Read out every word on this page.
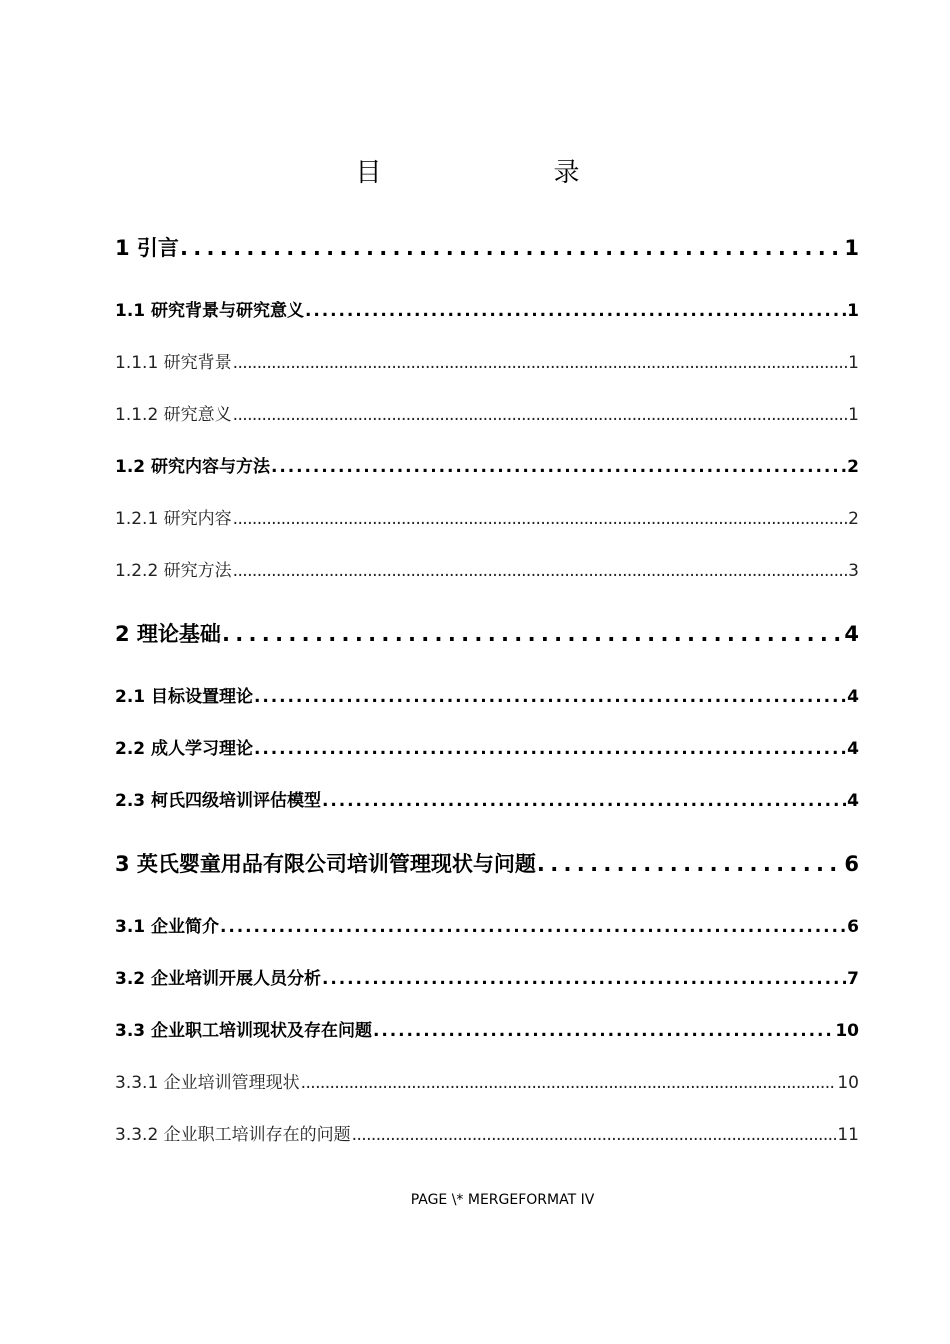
目　　录
1 引言 . . .	1
1.1 研究背景与研究意义 . . .	1
1.1.1 研究背景 . . .	1
1.1.2 研究意义 . . .	1
1.2 研究内容与方法 . . .	2
1.2.1 研究内容 . . .	2
1.2.2 研究方法 . . .	3
2 理论基础 . . .	4
2.1 目标设置理论 . . .	4
2.2 成人学习理论 . . .	4
2.3 柯氏四级培训评估模型 . . .	4
3 英氏婴童用品有限公司培训管理现状与问题 . . .	6
3.1 企业简介 . . .	6
3.2 企业培训开展人员分析 . . .	7
3.3 企业职工培训现状及存在问题 . . .	10
3.3.1 企业培训管理现状 . . .	10
3.3.2 企业职工培训存在的问题 . . .	11
PAGE \* MERGEFORMAT IV
